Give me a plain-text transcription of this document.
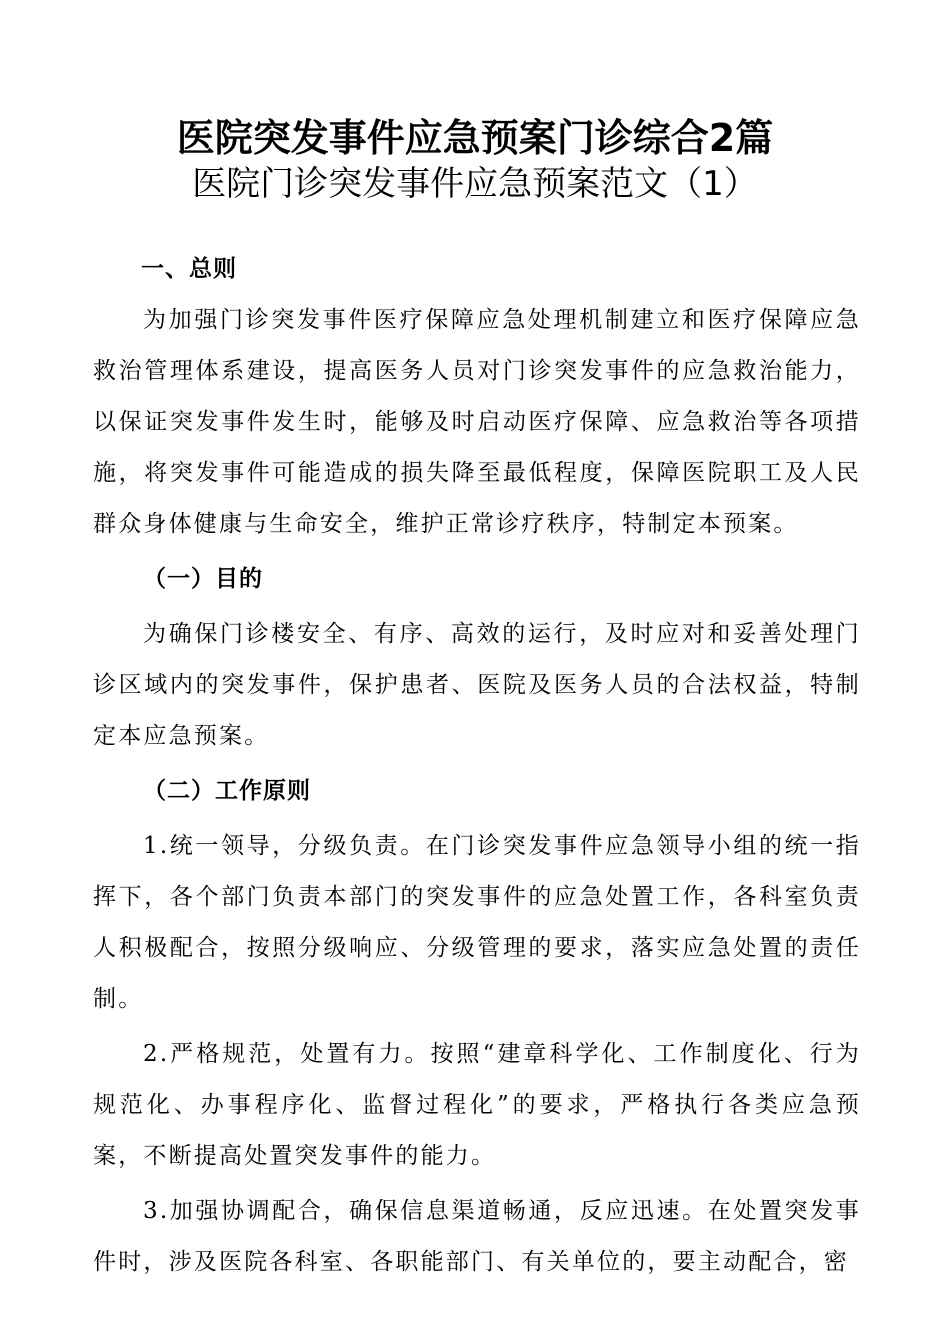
医院突发事件应急预案门诊综合2篇
医院门诊突发事件应急预案范文（1）

一、总则

为加强门诊突发事件医疗保障应急处理机制建立和医疗保障应急救治管理体系建设，提高医务人员对门诊突发事件的应急救治能力，以保证突发事件发生时，能够及时启动医疗保障、应急救治等各项措施，将突发事件可能造成的损失降至最低程度，保障医院职工及人民群众身体健康与生命安全，维护正常诊疗秩序，特制定本预案。

（一）目的

为确保门诊楼安全、有序、高效的运行，及时应对和妥善处理门诊区域内的突发事件，保护患者、医院及医务人员的合法权益，特制定本应急预案。

（二）工作原则

1.统一领导，分级负责。在门诊突发事件应急领导小组的统一指挥下，各个部门负责本部门的突发事件的应急处置工作，各科室负责人积极配合，按照分级响应、分级管理的要求，落实应急处置的责任制。

2.严格规范，处置有力。按照“建章科学化、工作制度化、行为规范化、办事程序化、监督过程化”的要求，严格执行各类应急预案，不断提高处置突发事件的能力。

3.加强协调配合，确保信息渠道畅通，反应迅速。在处置突发事件时，涉及医院各科室、各职能部门、有关单位的，要主动配合，密
